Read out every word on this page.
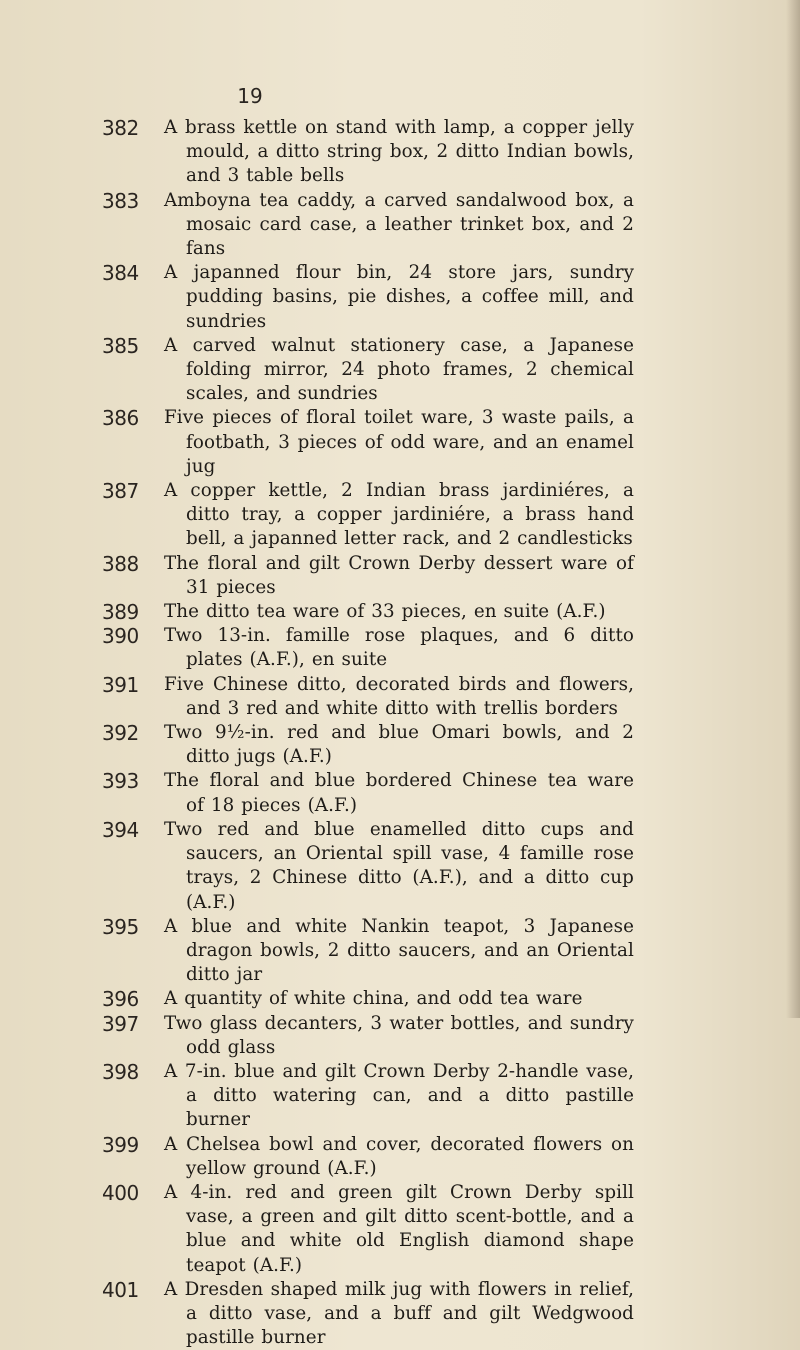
19
382 A brass kettle on stand with lamp, a copper jelly mould, a ditto string box, 2 ditto Indian bowls, and 3 table bells
383 Amboyna tea caddy, a carved sandalwood box, a mosaic card case, a leather trinket box, and 2 fans
384 A japanned flour bin, 24 store jars, sundry pudding basins, pie dishes, a coffee mill, and sundries
385 A carved walnut stationery case, a Japanese folding mirror, 24 photo frames, 2 chemical scales, and sundries
386 Five pieces of floral toilet ware, 3 waste pails, a footbath, 3 pieces of odd ware, and an enamel jug
387 A copper kettle, 2 Indian brass jardiniéres, a ditto tray, a copper jardiniére, a brass hand bell, a japanned letter rack, and 2 candlesticks
388 The floral and gilt Crown Derby dessert ware of 31 pieces
389 The ditto tea ware of 33 pieces, en suite (A.F.)
390 Two 13-in. famille rose plaques, and 6 ditto plates (A.F.), en suite
391 Five Chinese ditto, decorated birds and flowers, and 3 red and white ditto with trellis borders
392 Two 9½-in. red and blue Omari bowls, and 2 ditto jugs (A.F.)
393 The floral and blue bordered Chinese tea ware of 18 pieces (A.F.)
394 Two red and blue enamelled ditto cups and saucers, an Oriental spill vase, 4 famille rose trays, 2 Chinese ditto (A.F.), and a ditto cup (A.F.)
395 A blue and white Nankin teapot, 3 Japanese dragon bowls, 2 ditto saucers, and an Oriental ditto jar
396 A quantity of white china, and odd tea ware
397 Two glass decanters, 3 water bottles, and sundry odd glass
398 A 7-in. blue and gilt Crown Derby 2-handle vase, a ditto watering can, and a ditto pastille burner
399 A Chelsea bowl and cover, decorated flowers on yellow ground (A.F.)
400 A 4-in. red and green gilt Crown Derby spill vase, a green and gilt ditto scent-bottle, and a blue and white old English diamond shape teapot (A.F.)
401 A Dresden shaped milk jug with flowers in relief, a ditto vase, and a buff and gilt Wedgwood pastille burner
